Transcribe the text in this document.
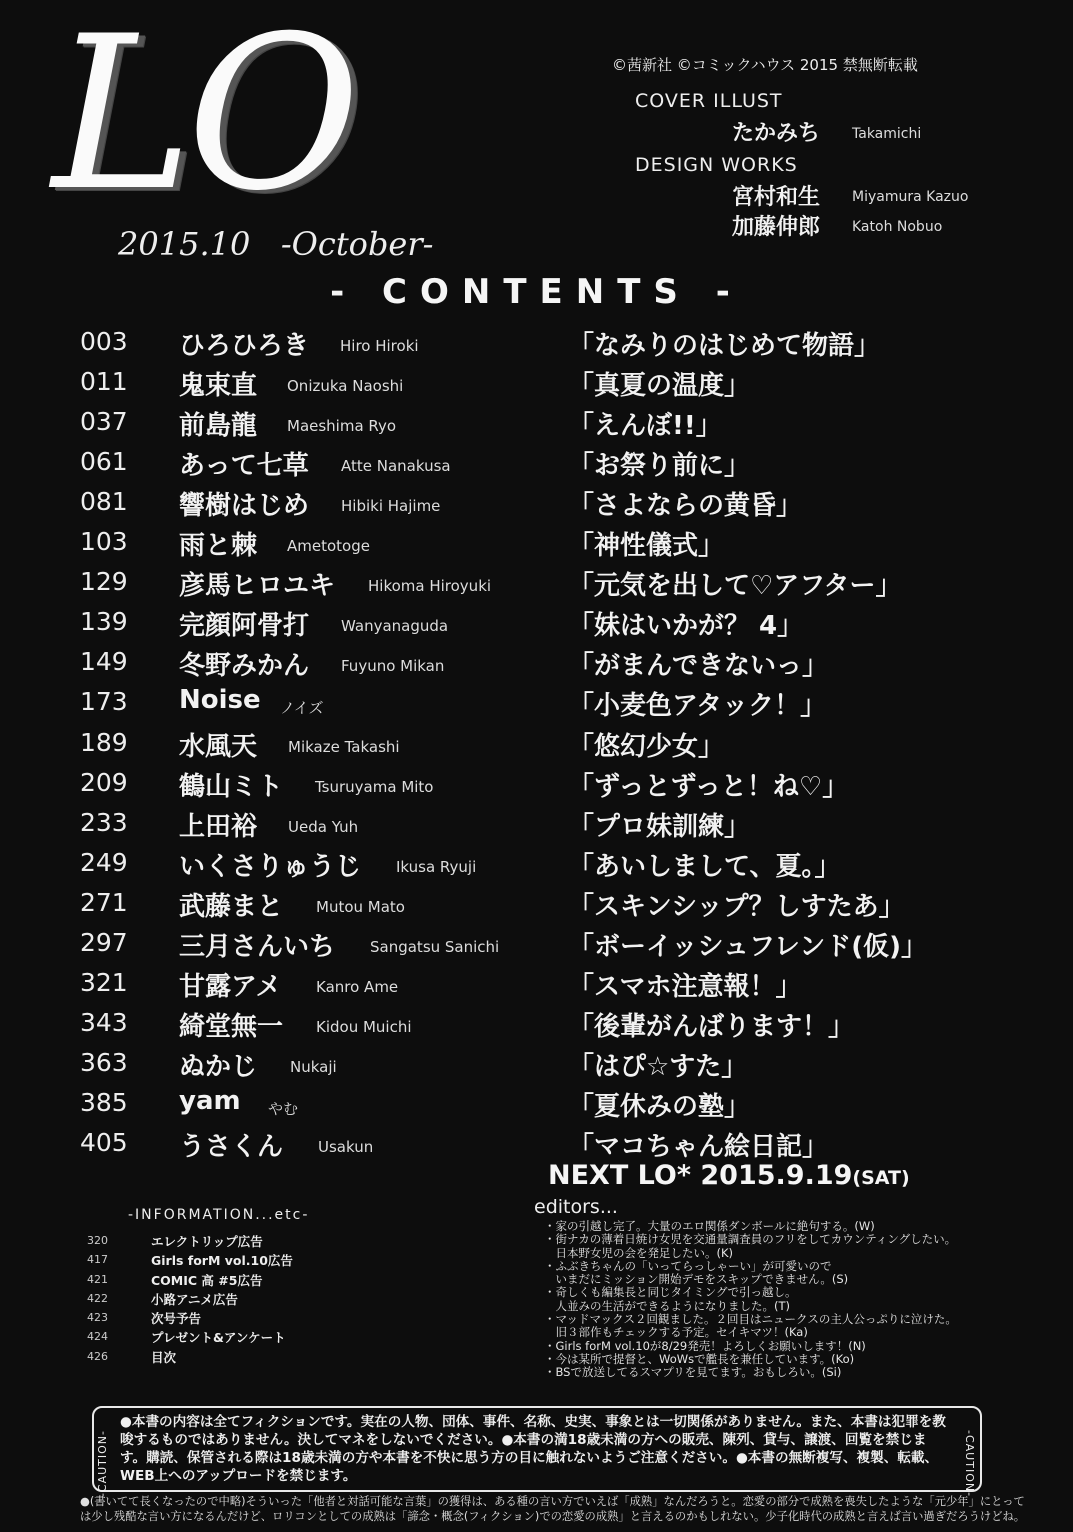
LO
2015.10   -October-
©茜新社 ©コミックハウス 2015 禁無断転載
COVER ILLUST
たかみち Takamichi
DESIGN WORKS
宮村和生 Miyamura Kazuo
加藤伸郎 Katoh Nobuo
- CONTENTS -
003 ひろひろき Hiro Hiroki	「なみりのはじめて物語」
011 鬼束直 Onizuka Naoshi	「真夏の温度」
037 前島龍 Maeshima Ryo	「えんぼ!!」
061 あって七草 Atte Nanakusa	「お祭り前に」
081 響樹はじめ Hibiki Hajime	「さよならの黄昏」
103 雨と棘 Ametotoge	「神性儀式」
129 彦馬ヒロユキ Hikoma Hiroyuki	「元気を出して♡アフター」
139 完顔阿骨打 Wanyanaguda	「妹はいかが？ 4」
149 冬野みかん Fuyuno Mikan	「がまんできないっ」
173 Noise ノイズ	「小麦色アタック！」
189 水風天 Mikaze Takashi	「悠幻少女」
209 鶴山ミト Tsuruyama Mito	「ずっとずっと！ね♡」
233 上田裕 Ueda Yuh	「プロ妹訓練」
249 いくさりゅうじ Ikusa Ryuji	「あいしまして、夏。」
271 武藤まと Mutou Mato	「スキンシップ？しすたあ」
297 三月さんいち Sangatsu Sanichi	「ボーイッシュフレンド(仮)」
321 甘露アメ Kanro Ame	「スマホ注意報！」
343 綺堂無一 Kidou Muichi	「後輩がんばります！」
363 ぬかじ Nukaji	「はぴ☆すた」
385 yam やむ	「夏休みの塾」
405 うさくん Usakun	「マコちゃん絵日記」
NEXT LO* 2015.9.19(SAT)
editors...
・家の引越し完了。大量のエロ関係ダンボールに絶句する。(W)
・街ナカの薄着日焼け女児を交通量調査員のフリをしてカウンティングしたい。
　日本野女児の会を発足したい。(K)
・ふぶきちゃんの「いってらっしゃーい」が可愛いので
　いまだにミッション開始デモをスキップできません。(S)
・奇しくも編集長と同じタイミングで引っ越し。
　人並みの生活ができるようになりました。(T)
・マッドマックス２回観ました。２回目はニュークスの主人公っぷりに泣けた。
　旧３部作もチェックする予定。セイキマツ！(Ka)
・Girls forM vol.10が8/29発売！よろしくお願いします！(N)
・今は某所で提督と、WoWsで艦長を兼任しています。(Ko)
・BSで放送してるスマプリを見てます。おもしろい。(Si)
-INFORMATION...etc-
320	エレクトリップ広告
417	Girls forM vol.10広告
421	COMIC 高 #5広告
422	小路アニメ広告
423	次号予告
424	プレゼント&アンケート
426	目次
-CAUTION-
●本書の内容は全てフィクションです。実在の人物、団体、事件、名称、史実、事象とは一切関係がありません。また、本書は犯罪を教唆するものではありません。決してマネをしないでください。●本書の満18歳未満の方への販売、陳列、貸与、譲渡、回覧を禁じます。購読、保管される際は18歳未満の方や本書を不快に思う方の目に触れないようご注意ください。●本書の無断複写、複製、転載、WEB上へのアップロードを禁じます。	-CAUTION-
●(書いてて長くなったので中略)そういった「他者と対話可能な言葉」の獲得は、ある種の言い方でいえば「成熟」なんだろうと。恋愛の部分で成熟を喪失したような「元少年」にとっては少し残酷な言い方になるんだけど、ロリコンとしての成熟は「諦念・概念(フィクション)での恋愛の成熟」と言えるのかもしれない。少子化時代の成熟と言えば言い過ぎだろうけどね。
